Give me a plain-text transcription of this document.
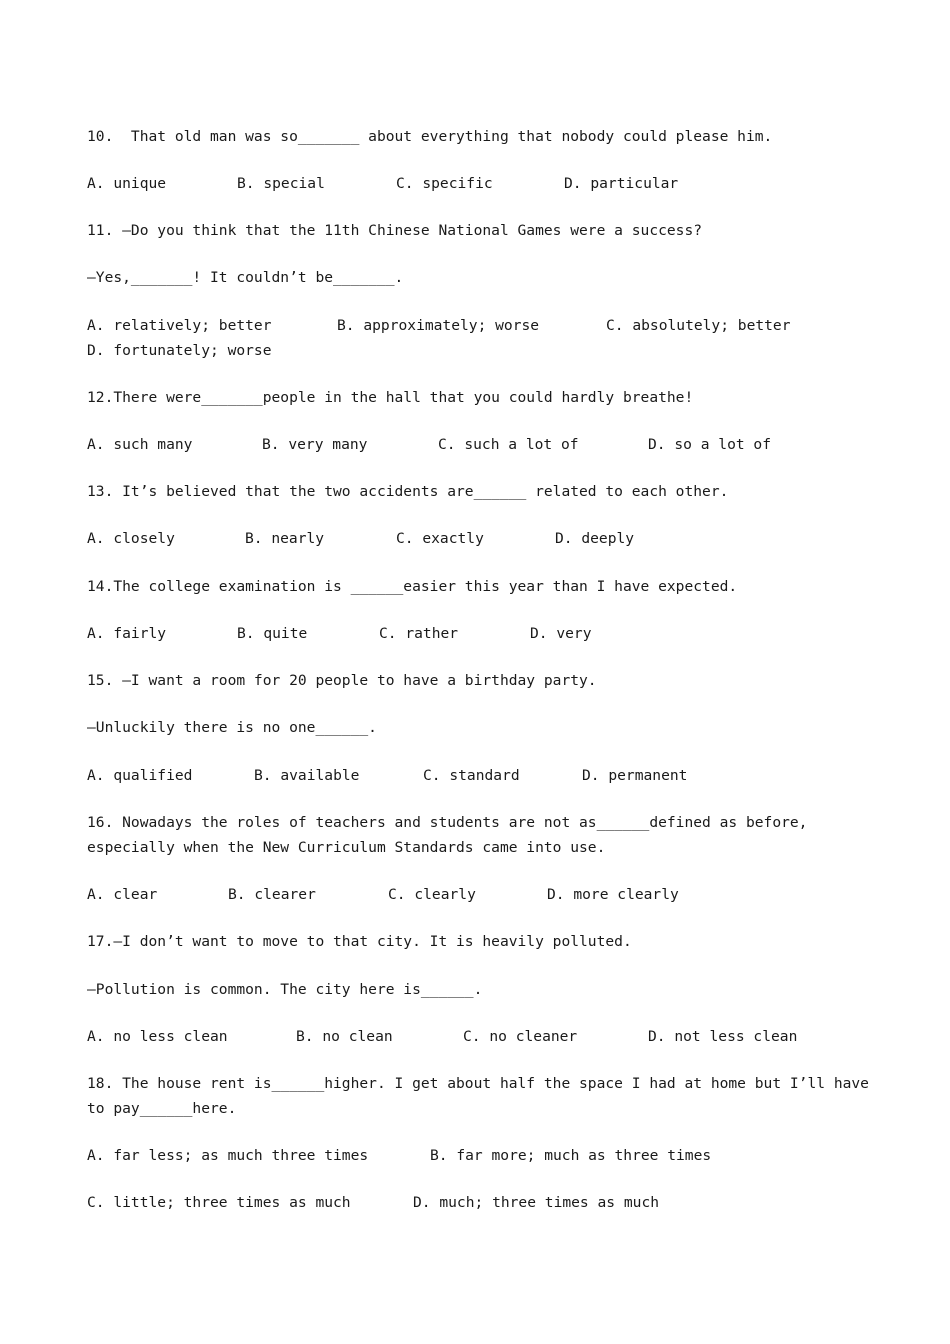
10.  That old man was so_______ about everything that nobody could please him.
A. unique	B. special	C. specific	D. particular
11. —Do you think that the 11th Chinese National Games were a success?
—Yes,_______! It couldn’t be_______.
A. relatively; better	B. approximately; worse	C. absolutely; better
D. fortunately; worse
12.There were_______people in the hall that you could hardly breathe!
A. such many	B. very many	C. such a lot of	D. so a lot of
13. It’s believed that the two accidents are______ related to each other.
A. closely	B. nearly	C. exactly	D. deeply
14.The college examination is ______easier this year than I have expected.
A. fairly	B. quite	C. rather	D. very
15. —I want a room for 20 people to have a birthday party.
—Unluckily there is no one______.
A. qualified	B. available	C. standard	D. permanent
16. Nowadays the roles of teachers and students are not as______defined as before,
especially when the New Curriculum Standards came into use.
A. clear	B. clearer	C. clearly	D. more clearly
17.—I don’t want to move to that city. It is heavily polluted.
—Pollution is common. The city here is______.
A. no less clean	B. no clean	C. no cleaner	D. not less clean
18. The house rent is______higher. I get about half the space I had at home but I’ll have
to pay______here.
A. far less; as much three times	B. far more; much as three times
C. little; three times as much	D. much; three times as much
